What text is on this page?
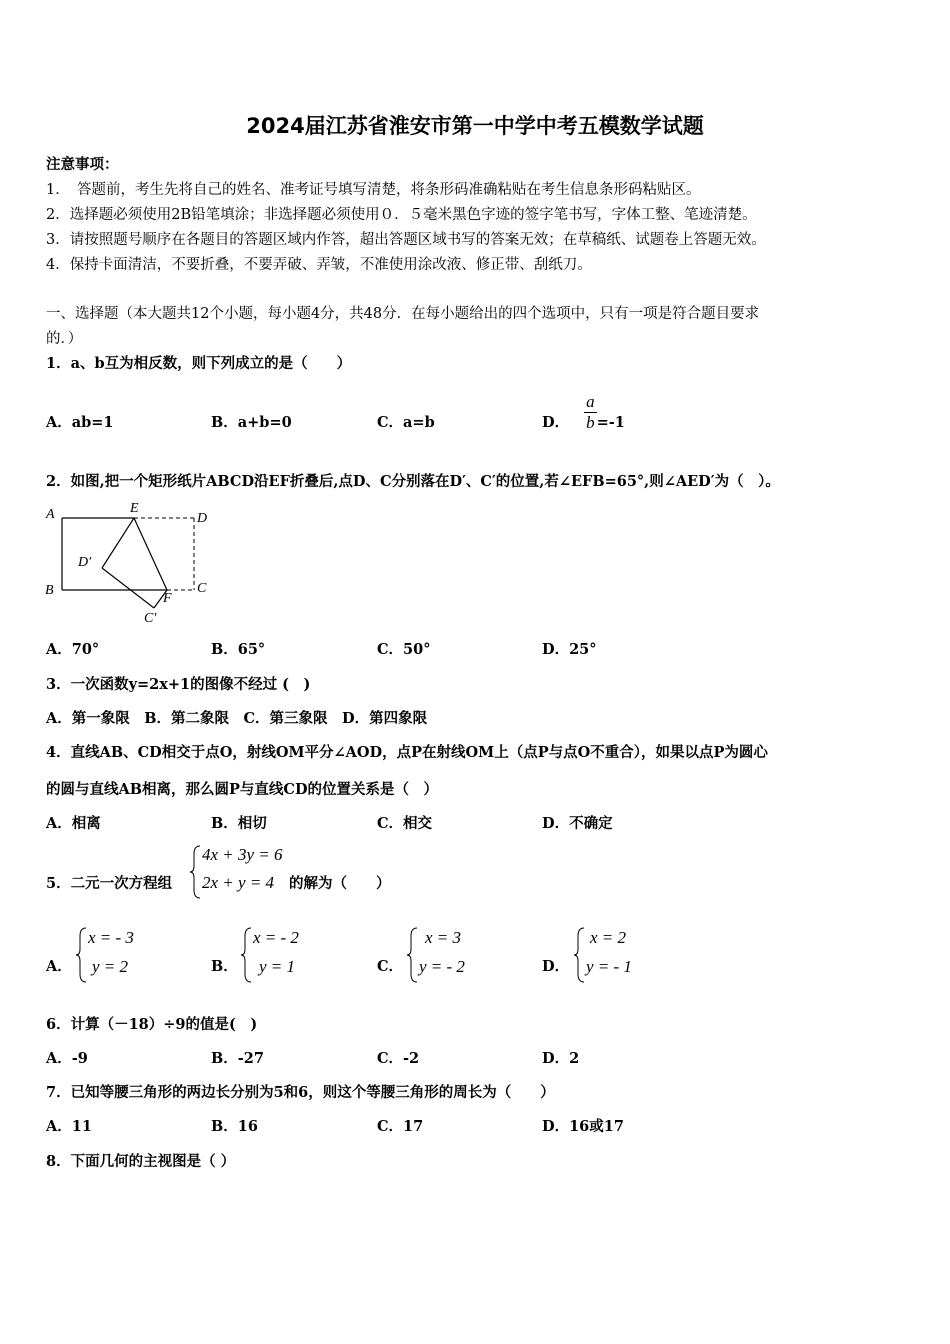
2024届江苏省淮安市第一中学中考五模数学试题
注意事项：
1．　答题前，考生先将自己的姓名、准考证号填写清楚，将条形码准确粘贴在考生信息条形码粘贴区。
2．选择题必须使用2B铅笔填涂；非选择题必须使用０．５毫米黑色字迹的签字笔书写，字体工整、笔迹清楚。
3．请按照题号顺序在各题目的答题区域内作答，超出答题区域书写的答案无效；在草稿纸、试题卷上答题无效。
4．保持卡面清洁，不要折叠，不要弄破、弄皱，不准使用涂改液、修正带、刮纸刀。
一、选择题（本大题共12个小题，每小题4分，共48分．在每小题给出的四个选项中，只有一项是符合题目要求
的．）
1．a、b互为相反数，则下列成立的是（　　）
A．ab=1	B．a+b=0	C．a=b	D． $\frac{a}{b} =-1$
2．如图,把一个矩形纸片ABCD沿EF折叠后,点D、C分别落在D′、C′的位置,若∠EFB=65°,则∠AED′为（　）。
A
B	C
D
E
F
D′
C′
A．70°	B．65°	C．50°	D．25°
3．一次函数y=2x+1的图像不经过 (　)
A．第一象限　B．第二象限　C．第三象限　D．第四象限
4．直线AB、CD相交于点O，射线OM平分∠AOD，点P在射线OM上（点P与点O不重合），如果以点P为圆心
的圆与直线AB相离，那么圆P与直线CD的位置关系是（　）
A．相离	B．相切	C．相交	D．不确定
5．二元一次方程组
4x + 3y = 6
2x + y = 4 的解为（　　）
A．
x = - 3
y = 2	B．
x = - 2
y = 1	C．
x = 3
y = - 2	D．
x = 2
y = - 1
6．计算（－18）÷9的值是(　)
A．-9	B．-27	C．-2	D．2
7．已知等腰三角形的两边长分别为5和6，则这个等腰三角形的周长为（　　）
A．11	B．16	C．17	D．16或17
8．下面几何的主视图是（ ）
